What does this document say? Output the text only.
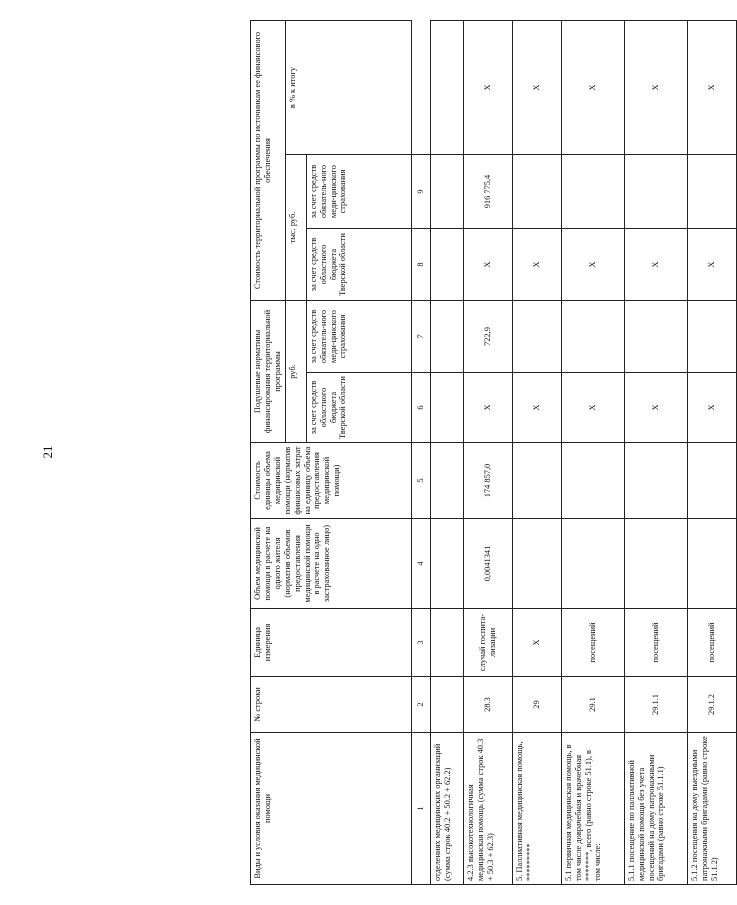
21
Виды и условия оказания медицинской помощи	№ строки	Единица измерения	Объем медицинской помощи в расчете на одного жителя (норматив объемов предоставления медицинской помощи в расчете на одно застрахованное лицо)	Стоимость единицы объема медицинской помощи (норматив финансовых затрат на единицу объема предоставления медицинской помощи)	Подушевые нормативы финансирования территориальной программы		Стоимость территориальной программы по источникам ее финансового обеспечения		
					руб.		тыс. руб.		в % к итогу
					за счет средств областного бюджета Тверской области	за счет средств обязатель-ного меди-цинского страхования	за счет средств областного бюджета Тверской области	за счет средств обязатель-ного меди-цинского страхования	
1	2	3	4	5	6	7	8	9	
отделениях медицинских организаций (сумма строк 40.2 + 50.2 + 62.2)									
4.2.3 высокотехнологичная медицинская помощь (сумма строк 40.3 + 50.3 + 62.3)	28.3	случай госпита-лизации	0,0041341	174 857,0	Х	722,9	Х	916 775,4	Х
5. Паллиативная медицинская помощь, *********	29	Х			Х		Х		Х
5.1 первичная медицинская помощь, в том числе доврачебная и врачебная *******, всего (равно строке 51.1), в том числе:	29.1	посещений			Х		Х		Х
5.1.1 посещение по паллиативной медицинской помощи без учета посещений на дому патронажными бригадами (равно строке 51.1.1)	29.1.1	посещений			Х		Х		Х
5.1.2 посещения на дому выездными патронажными бригадами (равно строке 51.1.2)	29.1.2	посещений			Х		Х		Х
